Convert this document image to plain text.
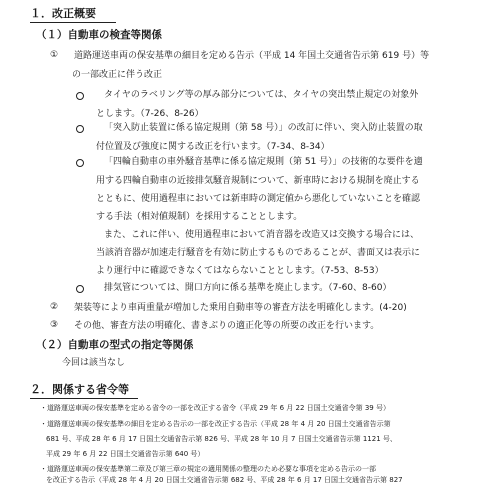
１．改正概要
（１）自動車の検査等関係
① 道路運送車両の保安基準の細目を定める告示（平成 14 年国土交通省告示第 619 号）等
の一部改正に伴う改正
タイヤのラベリング等の厚み部分については、タイヤの突出禁止規定の対象外
とします。（7-26、8-26）
「突入防止装置に係る協定規則（第 58 号）」の改訂に伴い、突入防止装置の取
付位置及び強度に関する改正を行います。（7-34、8-34）
「四輪自動車の車外騒音基準に係る協定規則（第 51 号）」の技術的な要件を適
用する四輪自動車の近接排気騒音規制について、新車時における規制を廃止する
とともに、使用過程車においては新車時の測定値から悪化していないことを確認
する手法（相対値規制）を採用することとします。
また、これに伴い、使用過程車において消音器を改造又は交換する場合には、
当該消音器が加速走行騒音を有効に防止するものであることが、書面又は表示に
より運行中に確認できなくてはならないこととします。（7-53、8-53）
排気管については、開口方向に係る基準を廃止します。（7-60、8-60）
② 架装等により車両重量が増加した乗用自動車等の審査方法を明確化します。(4-20)
③ その他、審査方法の明確化、書きぶりの適正化等の所要の改正を行います。
（２）自動車の型式の指定等関係
今回は該当なし
２．関係する省令等
・道路運送車両の保安基準を定める省令の一部を改正する省令（平成 29 年 6 月 22 日国土交通省令第 39 号）
・道路運送車両の保安基準の細目を定める告示の一部を改正する告示（平成 28 年 4 月 20 日国土交通省告示第
681 号、平成 28 年 6 月 17 日国土交通省告示第 826 号、平成 28 年 10 月 7 日国土交通省告示第 1121 号、
平成 29 年 6 月 22 日国土交通省告示第 640 号）
・道路運送車両の保安基準第二章及び第三章の規定の適用関係の整理のため必要な事項を定める告示の一部
を改正する告示（平成 28 年 4 月 20 日国土交通省告示第 682 号、平成 28 年 6 月 17 日国土交通省告示第 827
